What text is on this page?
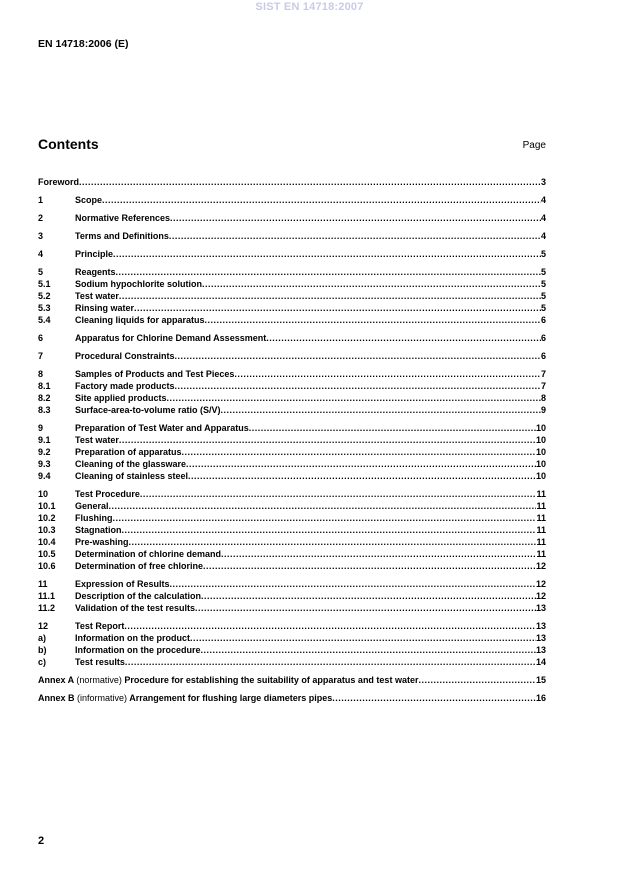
SIST EN 14718:2007
EN 14718:2006 (E)
Contents	Page
Foreword .....	3
1	Scope .....	4
2	Normative References .....	4
3	Terms and Definitions .....	4
4	Principle .....	5
5	Reagents .....	5
5.1	Sodium hypochlorite solution .....	5
5.2	Test water .....	5
5.3	Rinsing water .....	5
5.4	Cleaning liquids for apparatus .....	6
6	Apparatus for Chlorine Demand Assessment .....	6
7	Procedural Constraints .....	6
8	Samples of Products and Test Pieces .....	7
8.1	Factory made products .....	7
8.2	Site applied products .....	8
8.3	Surface-area-to-volume ratio (S/V) .....	9
9	Preparation of Test Water and Apparatus .....	10
9.1	Test water .....	10
9.2	Preparation of apparatus .....	10
9.3	Cleaning of the glassware .....	10
9.4	Cleaning of stainless steel .....	10
10	Test Procedure .....	11
10.1	General .....	11
10.2	Flushing .....	11
10.3	Stagnation .....	11
10.4	Pre-washing .....	11
10.5	Determination of chlorine demand .....	11
10.6	Determination of free chlorine .....	12
11	Expression of Results .....	12
11.1	Description of the calculation .....	12
11.2	Validation of the test results .....	13
12	Test Report .....	13
a)	Information on the product .....	13
b)	Information on the procedure .....	13
c)	Test results .....	14
Annex A (normative) Procedure for establishing the suitability of apparatus and test water .....	15
Annex B (informative) Arrangement for flushing large diameters pipes .....	16
2
